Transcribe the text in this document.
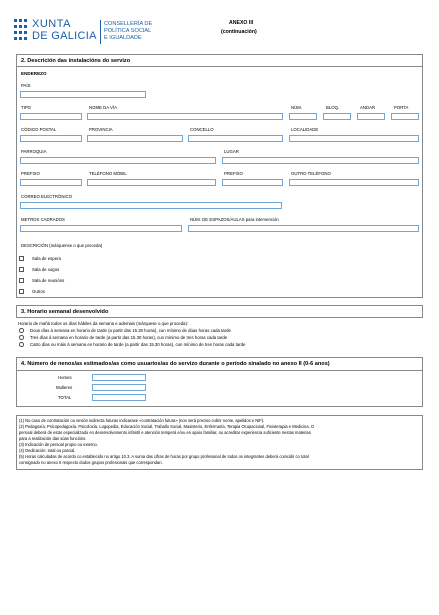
XUNTA
DE GALICIA
CONSELLERÍA DE
POLÍTICA SOCIAL
E IGUALDADE
ANEXO III
(continuación)
2. Descrición das instalacións do servizo
ENDEREZO
PAÍS
TIPO	NOME DA VÍA	NÚM.	BLOQ.	ANDAR	PORTA
CÓDIGO POSTAL	PROVINCIA	CONCELLO	LOCALIDADE
PARROQUIA	LUGAR
PREFIXO	TELÉFONO MÓBIL	PREFIXO	OUTRO TELÉFONO
CORREO ELECTRÓNICO
METROS CADRADOS	NÚM. DE ESPAZOS/AULAS para intervención
DESCRICIÓN (márquense o que proceda)
Sala de espera
Sala de xogos
Sala de reunións
Outros
3. Horario semanal desenvolvido
Horario de mañá todos os días hábiles da semana e ademais (márquese o que proceda):
Dous días á semana en horario de tarde (a partir das 15.30 horas), cun mínimo de dúas horas cada tarde
Tres días á semana en horario de tarde (a partir das 15.30 horas), cun mínimo de tres horas cada tarde
Catro días ou máis á semana en horario de tarde (a partir das 15.30 horas), cun mínimo de tres horas cada tarde
4. Número de nenos/as estimados/as como usuarios/as do servizo durante o período sinalado no anexo II (0-6 anos)
Homes
Mulleres
TOTAL
(1) No caso de contratación ou vesión indirecta futuras indicarase «contratación futura» (non será preciso cubrir nome, apelidos e NIF).
(2) Pedagoxía, Psicopedagoxía, Psicoloxía, Logopedia, Educación Social, Traballo Social, Maxisterio, Enfermaría, Terapia Ocupacional, Fisioterapia e Medicina. O
persoal deberá de estar especializado en desenvolvemento infantil e atención temperá e/ou en apoio familiar, ou acreditar experiencia suficiente nestas materias
para a realización das súas funcións.
(3) Indicación de persoal propio ou externo.
(4) Dedicación: total ou parcial.
(5) Horas calculadas de acordo co establecido no artigo 10.3. A suma das cifras de horas por grupo profesional de todos os integrantes deberá coincidir co total
consignado no anexo II respecto dodos grupos profesionais que correspondan.
